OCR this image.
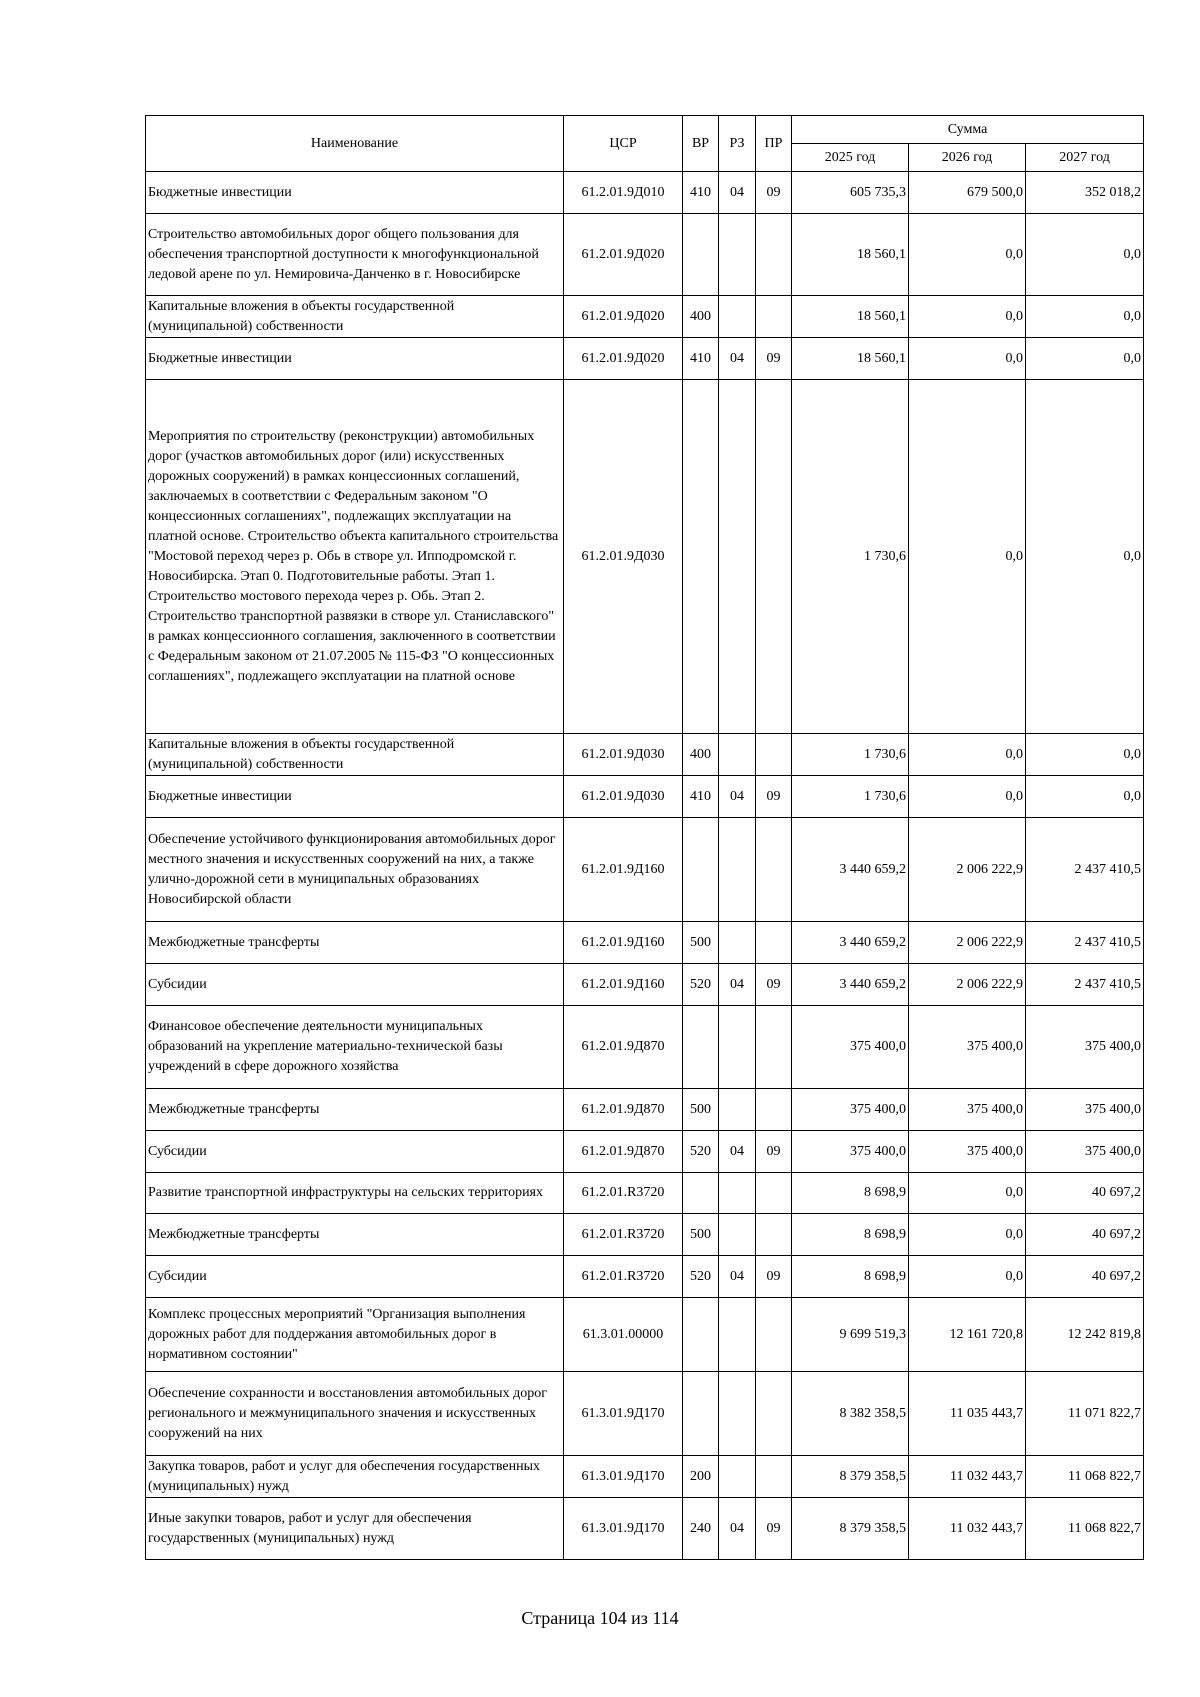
Наименование	ЦСР	ВР	РЗ	ПР	Сумма		
					2025 год	2026 год	2027 год
Бюджетные инвестиции	61.2.01.9Д010	410	04	09	605 735,3	679 500,0	352 018,2
Строительство автомобильных дорог общего пользования для обеспечения транспортной доступности к многофункциональной ледовой арене по ул. Немировича-Данченко в г. Новосибирске	61.2.01.9Д020				18 560,1	0,0	0,0
Капитальные вложения в объекты государственной (муниципальной) собственности	61.2.01.9Д020	400			18 560,1	0,0	0,0
Бюджетные инвестиции	61.2.01.9Д020	410	04	09	18 560,1	0,0	0,0
Мероприятия по строительству (реконструкции) автомобильных дорог (участков автомобильных дорог (или) искусственных дорожных сооружений) в рамках концессионных соглашений, заключаемых в соответствии с Федеральным законом "О концессионных соглашениях", подлежащих эксплуатации на платной основе. Строительство объекта капитального строительства "Мостовой переход через р. Обь в створе ул. Ипподромской г. Новосибирска. Этап 0. Подготовительные работы. Этап 1. Строительство мостового перехода через р. Обь. Этап 2. Строительство транспортной развязки в створе ул. Станиславского" в рамках концессионного соглашения, заключенного в соответствии с Федеральным законом от 21.07.2005 № 115-ФЗ "О концессионных соглашениях", подлежащего эксплуатации на платной основе	61.2.01.9Д030				1 730,6	0,0	0,0
Капитальные вложения в объекты государственной (муниципальной) собственности	61.2.01.9Д030	400			1 730,6	0,0	0,0
Бюджетные инвестиции	61.2.01.9Д030	410	04	09	1 730,6	0,0	0,0
Обеспечение устойчивого функционирования автомобильных дорог местного значения и искусственных сооружений на них, а также улично-дорожной сети в муниципальных образованиях Новосибирской области	61.2.01.9Д160				3 440 659,2	2 006 222,9	2 437 410,5
Межбюджетные трансферты	61.2.01.9Д160	500			3 440 659,2	2 006 222,9	2 437 410,5
Субсидии	61.2.01.9Д160	520	04	09	3 440 659,2	2 006 222,9	2 437 410,5
Финансовое обеспечение деятельности муниципальных образований на укрепление материально-технической базы учреждений в сфере дорожного хозяйства	61.2.01.9Д870				375 400,0	375 400,0	375 400,0
Межбюджетные трансферты	61.2.01.9Д870	500			375 400,0	375 400,0	375 400,0
Субсидии	61.2.01.9Д870	520	04	09	375 400,0	375 400,0	375 400,0
Развитие транспортной инфраструктуры на сельских территориях	61.2.01.R3720				8 698,9	0,0	40 697,2
Межбюджетные трансферты	61.2.01.R3720	500			8 698,9	0,0	40 697,2
Субсидии	61.2.01.R3720	520	04	09	8 698,9	0,0	40 697,2
Комплекс процессных мероприятий "Организация выполнения дорожных работ для поддержания автомобильных дорог в нормативном состоянии"	61.3.01.00000				9 699 519,3	12 161 720,8	12 242 819,8
Обеспечение сохранности и восстановления автомобильных дорог регионального и межмуниципального значения и искусственных сооружений на них	61.3.01.9Д170				8 382 358,5	11 035 443,7	11 071 822,7
Закупка товаров, работ и услуг для обеспечения государственных (муниципальных) нужд	61.3.01.9Д170	200			8 379 358,5	11 032 443,7	11 068 822,7
Иные закупки товаров, работ и услуг для обеспечения государственных (муниципальных) нужд	61.3.01.9Д170	240	04	09	8 379 358,5	11 032 443,7	11 068 822,7
Страница 104 из 114
